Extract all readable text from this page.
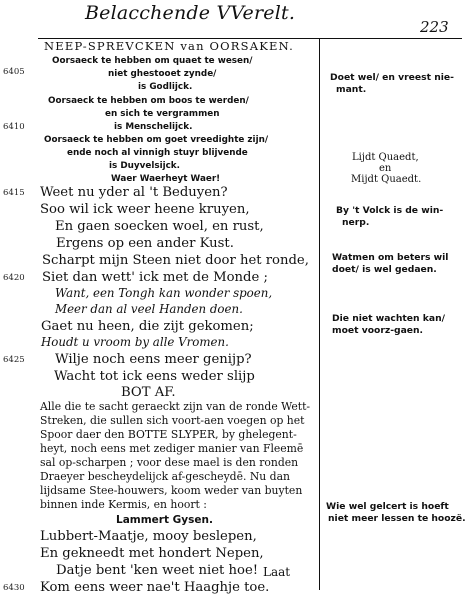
Belacchende VVerelt.
223
NEEP-SPREVCKEN van OORSAKEN.
Oorsaeck te hebben om quaet te wesen/
niet ghestooet zynde/
is Godlijck.
Oorsaeck te hebben om boos te werden/
en sich te vergrammen
is Menschelijck.
Oorsaeck te hebben om goet vreedighte zijn/
ende noch al vinnigh stuyr blijvende
is Duyvelsijck.
Waer Waerheyt Waer!
Weet nu yder al 't Beduyen?
Soo wil ick weer heene kruyen,
En gaen soecken woel, en rust,
Ergens op een ander Kust.
Scharpt mijn Steen niet door het ronde,
Siet dan wett' ick met de Monde ;
Want, een Tongh kan wonder spoen,
Meer dan al veel Handen doen.
Gaet nu heen, die zijt gekomen;
Houdt u vroom by alle Vromen.
Wilje noch eens meer genijp?
Wacht tot ick eens weder slijp
BOT AF.
Alle die te sacht geraeckt zijn van de ronde Wett-
Streken, die sullen sich voort-aen voegen op het
Spoor daer den BOTTE SLYPER, by ghelegent-
heyt, noch eens met zediger manier van Fleemē
sal op-scharpen ; voor dese mael is den ronden
Draeyer bescheydelijck af-gescheydē. Nu dan
lijdsame Stee-houwers, koom weder van buyten
binnen inde Kermis, en hoort :
Lammert Gysen.
Lubbert-Maatje, mooy beslepen,
En gekneedt met hondert Nepen,
Datje bent 'ken weet niet hoe!
Kom eens weer nae't Haaghje toe.
Laat
6405
6410
6415
6420
6425
6430
Doet wel/ en vreest nie-
mant.
Lijdt Quaedt,
en
Mijdt Quaedt.
By 't Volck is de win-
nerp.
Watmen om beters wil
doet/ is wel gedaen.
Die niet wachten kan/
moet voorz-gaen.
Wie wel gelcert is hoeft
niet meer lessen te hoozë.
